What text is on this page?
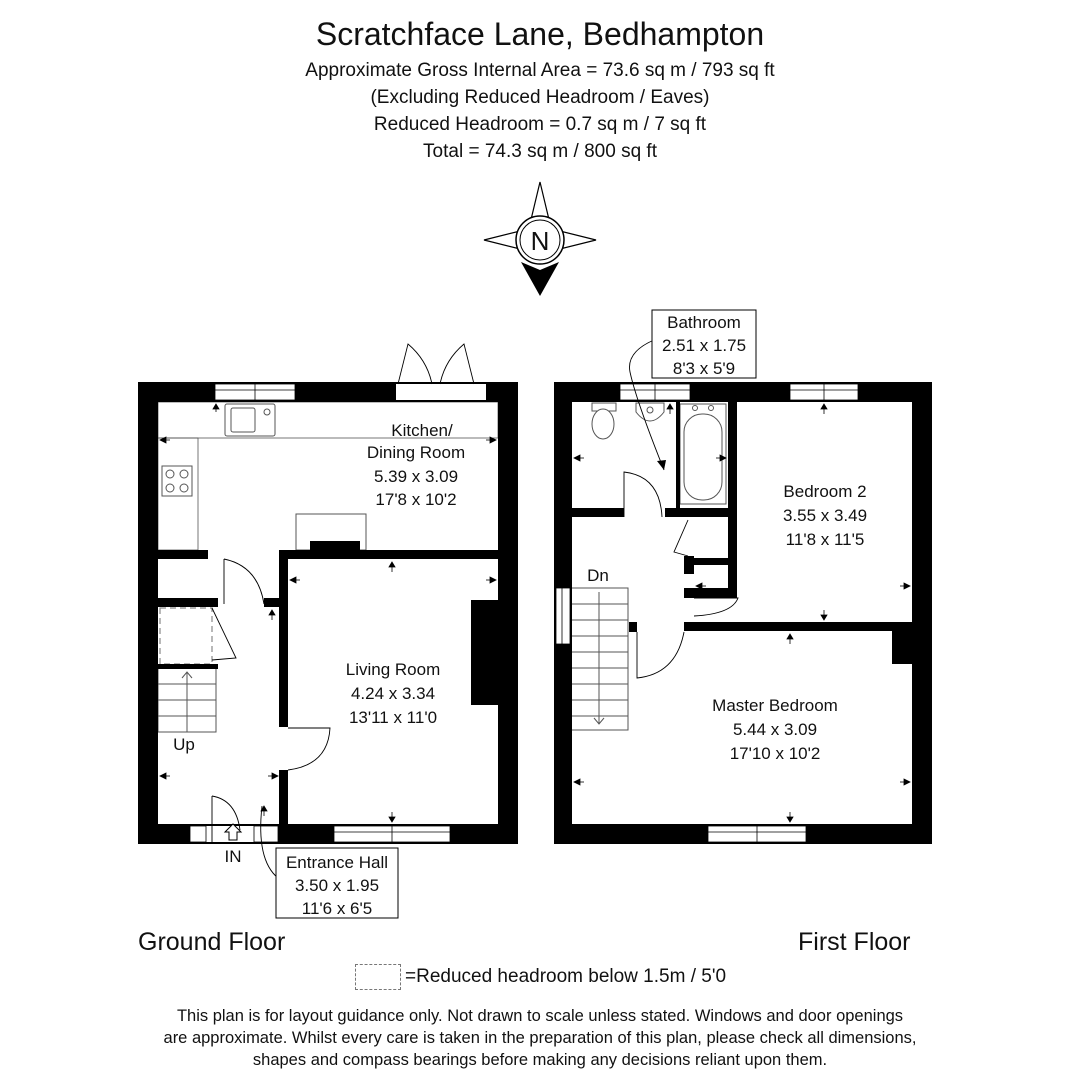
Scratchface Lane, Bedhampton
Approximate Gross Internal Area = 73.6 sq m / 793 sq ft
(Excluding Reduced Headroom / Eaves)
Reduced Headroom = 0.7 sq m / 7 sq ft
Total = 74.3 sq m / 800 sq ft
N
IN
Up
Kitchen/
Dining Room
5.39 x 3.09
17'8 x 10'2
Living Room
4.24 x 3.34
13'11 x 11'0
Entrance Hall
3.50 x 1.95
11'6 x 6'5
Dn
Bathroom
2.51 x 1.75
8'3 x 5'9
Bedroom 2
3.55 x 3.49
11'8 x 11'5
Master Bedroom
5.44 x 3.09
17'10 x 10'2
Ground Floor	First Floor
=Reduced headroom below 1.5m / 5'0
This plan is for layout guidance only. Not drawn to scale unless stated. Windows and door openings
are approximate. Whilst every care is taken in the preparation of this plan, please check all dimensions,
shapes and compass bearings before making any decisions reliant upon them.
